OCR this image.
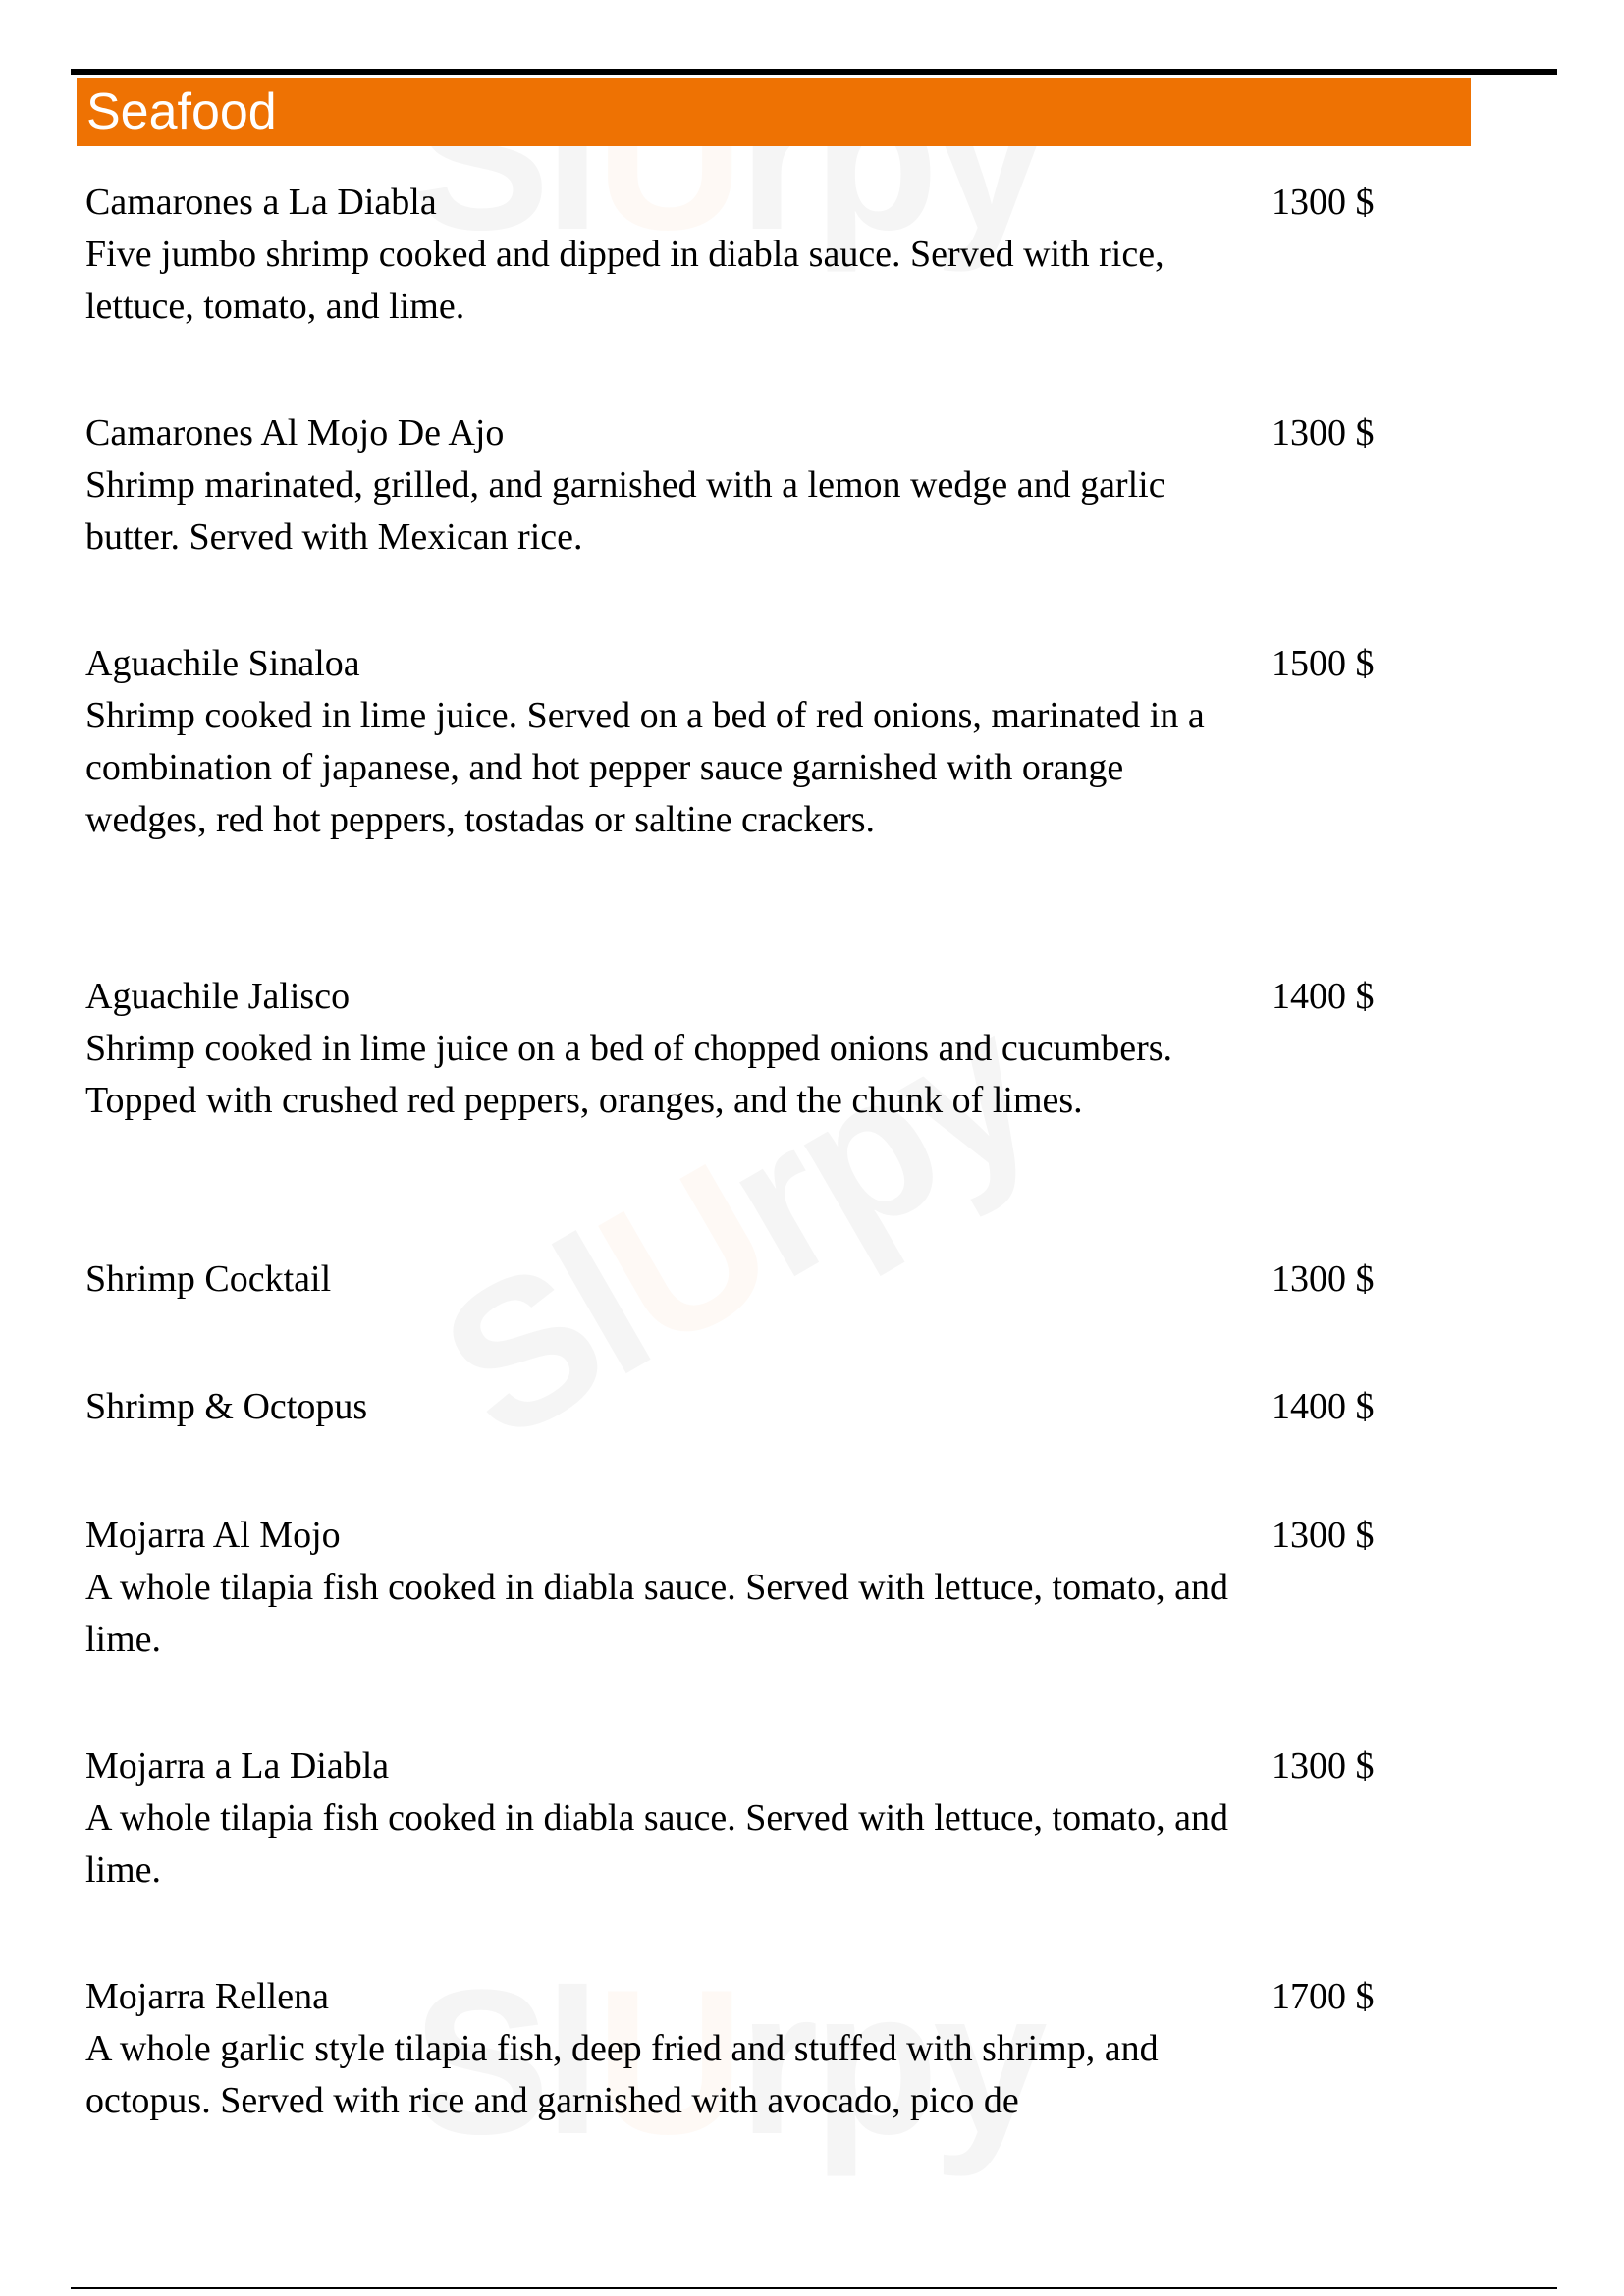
Seafood
Camarones a La Diabla	1300 $
Five jumbo shrimp cooked and dipped in diabla sauce. Served with rice, lettuce, tomato, and lime.
Camarones Al Mojo De Ajo	1300 $
Shrimp marinated, grilled, and garnished with a lemon wedge and garlic butter. Served with Mexican rice.
Aguachile Sinaloa	1500 $
Shrimp cooked in lime juice. Served on a bed of red onions, marinated in a combination of japanese, and hot pepper sauce garnished with orange wedges, red hot peppers, tostadas or saltine crackers.
Aguachile Jalisco	1400 $
Shrimp cooked in lime juice on a bed of chopped onions and cucumbers. Topped with crushed red peppers, oranges, and the chunk of limes.
Shrimp Cocktail	1300 $
Shrimp & Octopus	1400 $
Mojarra Al Mojo	1300 $
A whole tilapia fish cooked in diabla sauce. Served with lettuce, tomato, and lime.
Mojarra a La Diabla	1300 $
A whole tilapia fish cooked in diabla sauce. Served with lettuce, tomato, and lime.
Mojarra Rellena	1700 $
A whole garlic style tilapia fish, deep fried and stuffed with shrimp, and octopus. Served with rice and garnished with avocado, pico de
